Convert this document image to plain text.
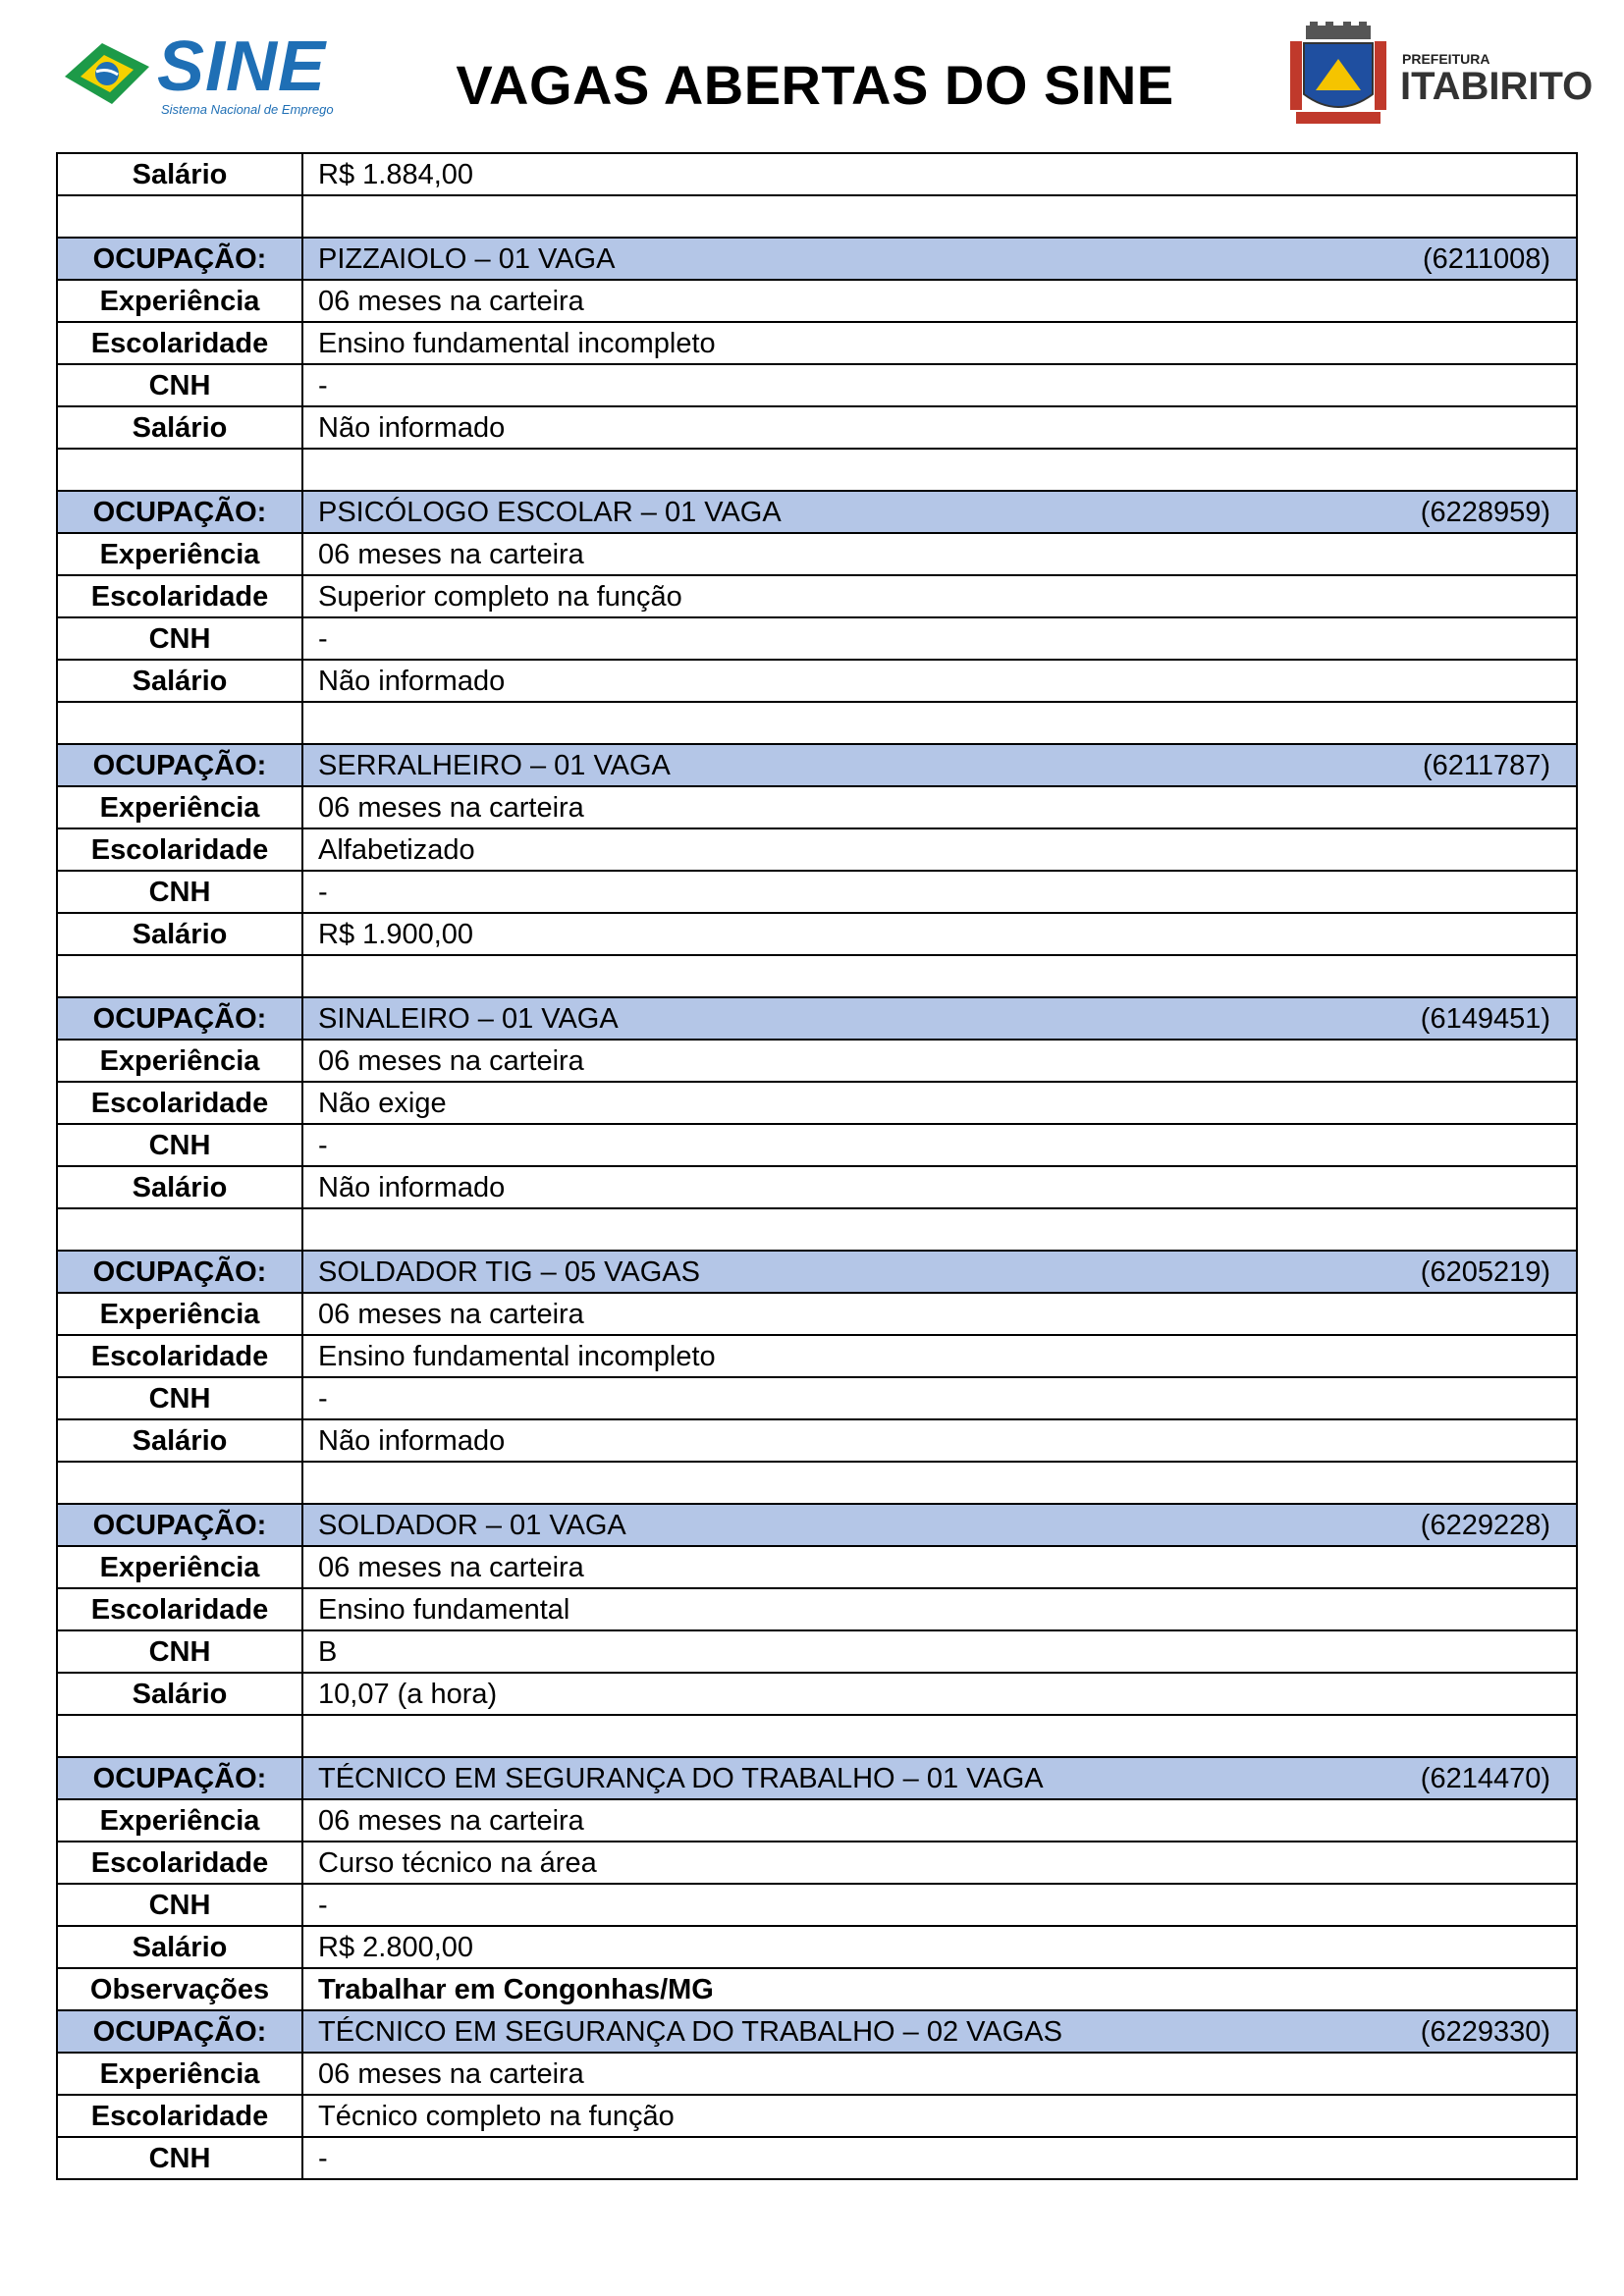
SINE
Sistema Nacional de Emprego	VAGAS ABERTAS DO SINE	PREFEITURA
ITABIRITO
Salário	R$ 1.884,00

OCUPAÇÃO:	PIZZAIOLO – 01 VAGA (6211008)

Experiência	06 meses na carteira
Escolaridade	Ensino fundamental incompleto
CNH	-
Salário	Não informado

OCUPAÇÃO:	PSICÓLOGO ESCOLAR – 01 VAGA (6228959)

Experiência	06 meses na carteira
Escolaridade	Superior completo na função
CNH	-
Salário	Não informado

OCUPAÇÃO:	SERRALHEIRO – 01 VAGA (6211787)

Experiência	06 meses na carteira
Escolaridade	Alfabetizado
CNH	-
Salário	R$ 1.900,00

OCUPAÇÃO:	SINALEIRO – 01 VAGA (6149451)

Experiência	06 meses na carteira
Escolaridade	Não exige
CNH	-
Salário	Não informado

OCUPAÇÃO:	SOLDADOR TIG – 05 VAGAS (6205219)

Experiência	06 meses na carteira
Escolaridade	Ensino fundamental incompleto
CNH	-
Salário	Não informado

OCUPAÇÃO:	SOLDADOR – 01 VAGA (6229228)

Experiência	06 meses na carteira
Escolaridade	Ensino fundamental
CNH	B
Salário	10,07 (a hora)

OCUPAÇÃO:	TÉCNICO EM SEGURANÇA DO TRABALHO – 01 VAGA (6214470)

Experiência	06 meses na carteira
Escolaridade	Curso técnico na área
CNH	-
Salário	R$ 2.800,00
Observações	Trabalhar em Congonhas/MG
OCUPAÇÃO:	TÉCNICO EM SEGURANÇA DO TRABALHO – 02 VAGAS (6229330)

Experiência	06 meses na carteira
Escolaridade	Técnico completo na função
CNH	-
